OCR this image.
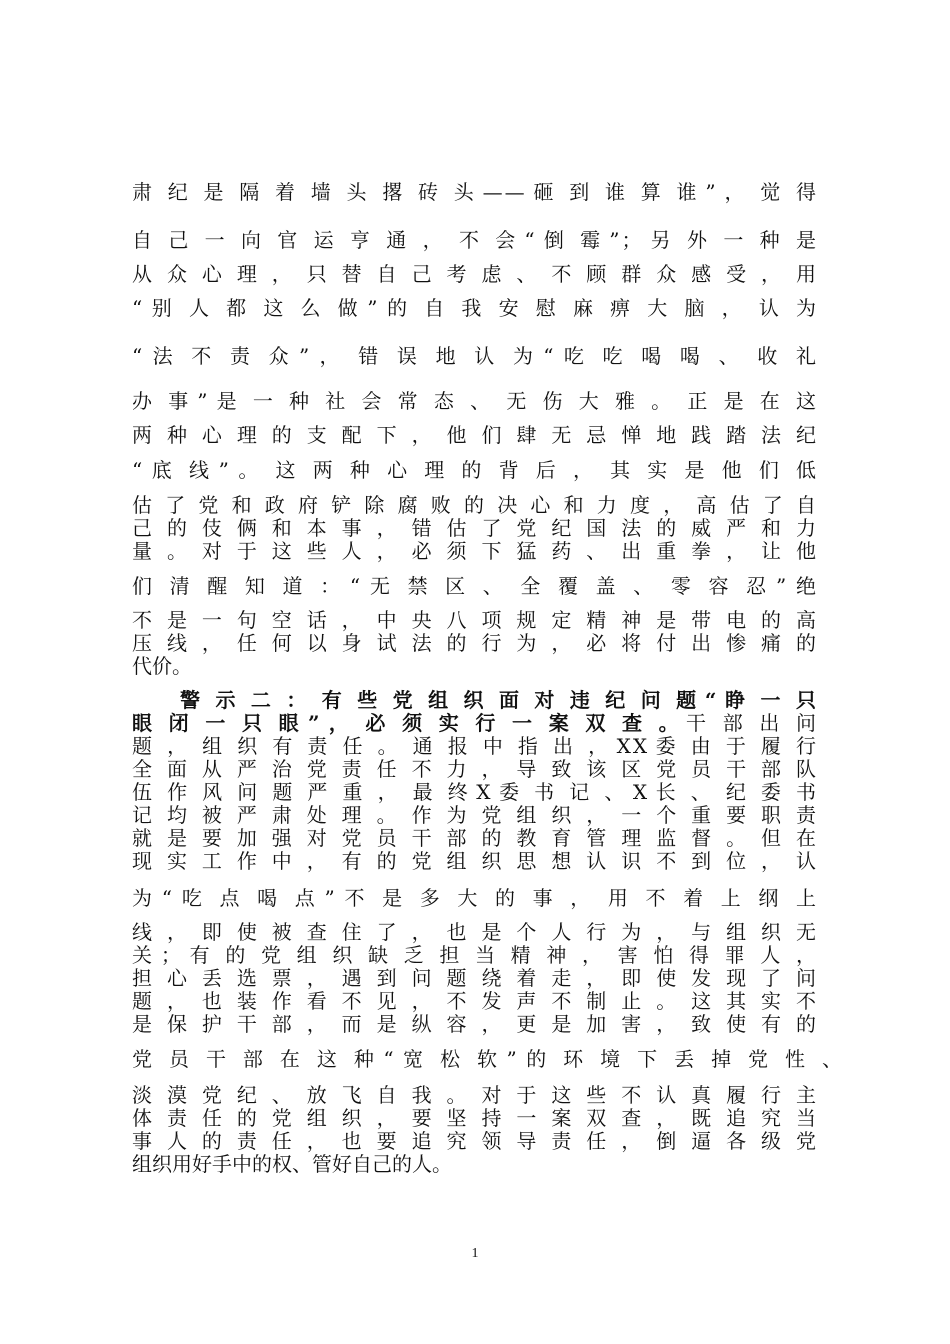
肃 纪 是 隔 着 墙 头 撂 砖 头 — — 砸 到 谁 算 谁 ” ， 觉 得
自 己 一 向 官 运 亨 通 ， 不 会 “ 倒 霉 ” ； 另 外 一 种 是
从 众 心 理 ， 只 替 自 己 考 虑 、 不 顾 群 众 感 受 ， 用
“ 别 人 都 这 么 做 ” 的 自 我 安 慰 麻 痹 大 脑 ， 认 为
“ 法 不 责 众 ” ， 错 误 地 认 为 “ 吃 吃 喝 喝 、 收 礼
办 事 ” 是 一 种 社 会 常 态 、 无 伤 大 雅 。 正 是 在 这
两 种 心 理 的 支 配 下 ， 他 们 肆 无 忌 惮 地 践 踏 法 纪
“ 底 线 ” 。 这 两 种 心 理 的 背 后 ， 其 实 是 他 们 低
估 了 党 和 政 府 铲 除 腐 败 的 决 心 和 力 度 ， 高 估 了 自
己 的 伎 俩 和 本 事 ， 错 估 了 党 纪 国 法 的 威 严 和 力
量 。 对 于 这 些 人 ， 必 须 下 猛 药 、 出 重 拳 ， 让 他
们 清 醒 知 道 ： “ 无 禁 区 、 全 覆 盖 、 零 容 忍 ” 绝
不 是 一 句 空 话 ， 中 央 八 项 规 定 精 神 是 带 电 的 高
压 线 ， 任 何 以 身 试 法 的 行 为 ， 必 将 付 出 惨 痛 的
代价。
警 示 二 ： 有 些 党 组 织 面 对 违 纪 问 题 “ 睁 一 只
眼 闭 一 只 眼 ” ， 必 须 实 行 一 案 双 查 。干 部 出 问
题 ， 组 织 有 责 任 。 通 报 中 指 出 ， X X 委 由 于 履 行
全 面 从 严 治 党 责 任 不 力 ， 导 致 该 区 党 员 干 部 队
伍 作 风 问 题 严 重 ， 最 终 X 委 书 记 、 X 长 、 纪 委 书
记 均 被 严 肃 处 理 。 作 为 党 组 织 ， 一 个 重 要 职 责
就 是 要 加 强 对 党 员 干 部 的 教 育 管 理 监 督 。 但 在
现 实 工 作 中 ， 有 的 党 组 织 思 想 认 识 不 到 位 ， 认
为 “ 吃 点 喝 点 ” 不 是 多 大 的 事 ， 用 不 着 上 纲 上
线 ， 即 使 被 查 住 了 ， 也 是 个 人 行 为 ， 与 组 织 无
关 ； 有 的 党 组 织 缺 乏 担 当 精 神 ， 害 怕 得 罪 人 ，
担 心 丢 选 票 ， 遇 到 问 题 绕 着 走 ， 即 使 发 现 了 问
题 ， 也 装 作 看 不 见 ， 不 发 声 不 制 止 。 这 其 实 不
是 保 护 干 部 ， 而 是 纵 容 ， 更 是 加 害 ， 致 使 有 的
党 员 干 部 在 这 种 “ 宽 松 软 ” 的 环 境 下 丢 掉 党 性 、
淡 漠 党 纪 、 放 飞 自 我 。 对 于 这 些 不 认 真 履 行 主
体 责 任 的 党 组 织 ， 要 坚 持 一 案 双 查 ， 既 追 究 当
事 人 的 责 任 ， 也 要 追 究 领 导 责 任 ， 倒 逼 各 级 党
组织用好手中的权、管好自己的人。
1
